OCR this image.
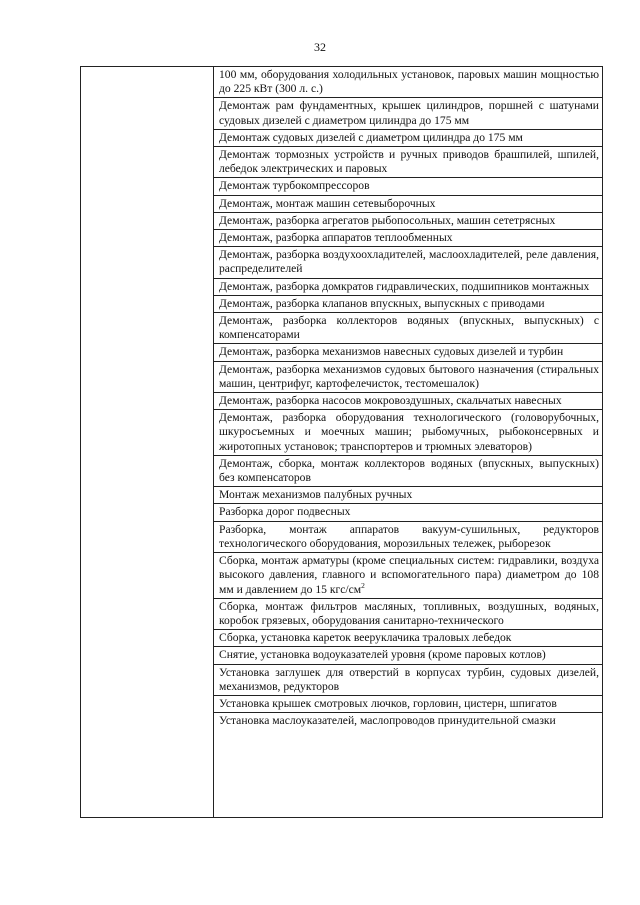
32

100 мм, оборудования холодильных установок, паровых машин мощностью до 225 кВт (300 л. с.)
Демонтаж рам фундаментных, крышек цилиндров, поршней с шатунами судовых дизелей с диаметром цилиндра до 175 мм
Демонтаж судовых дизелей с диаметром цилиндра до 175 мм
Демонтаж тормозных устройств и ручных приводов брашпилей, шпилей, лебедок электрических и паровых
Демонтаж турбокомпрессоров
Демонтаж, монтаж машин сетевыборочных
Демонтаж, разборка агрегатов рыбопосольных, машин сететрясных
Демонтаж, разборка аппаратов теплообменных
Демонтаж, разборка воздухоохладителей, маслоохладителей, реле давления, распределителей
Демонтаж, разборка домкратов гидравлических, подшипников монтажных
Демонтаж, разборка клапанов впускных, выпускных с приводами
Демонтаж, разборка коллекторов водяных (впускных, выпускных) с компенсаторами
Демонтаж, разборка механизмов навесных судовых дизелей и турбин
Демонтаж, разборка механизмов судовых бытового назначения (стиральных машин, центрифуг, картофелечисток, тестомешалок)
Демонтаж, разборка насосов мокровоздушных, скальчатых навесных
Демонтаж, разборка оборудования технологического (головорубочных, шкуросъемных и моечных машин; рыбомучных, рыбоконсервных и жиротопных установок; транспортеров и трюмных элеваторов)
Демонтаж, сборка, монтаж коллекторов водяных (впускных, выпускных) без компенсаторов
Монтаж механизмов палубных ручных
Разборка дорог подвесных
Разборка, монтаж аппаратов вакуум-сушильных, редукторов технологического оборудования, морозильных тележек, рыборезок
Сборка, монтаж арматуры (кроме специальных систем: гидравлики, воздуха высокого давления, главного и вспомогательного пара) диаметром до 108 мм и давлением до 15 кгс/$см^2$
Сборка, монтаж фильтров масляных, топливных, воздушных, водяных, коробок грязевых, оборудования санитарно-технического
Сборка, установка кареток вееруклачика траловых лебедок
Снятие, установка водоуказателей уровня (кроме паровых котлов)
Установка заглушек для отверстий в корпусах турбин, судовых дизелей, механизмов, редукторов
Установка крышек смотровых лючков, горловин, цистерн, шпигатов
Установка маслоуказателей, маслопроводов принудительной смазки
